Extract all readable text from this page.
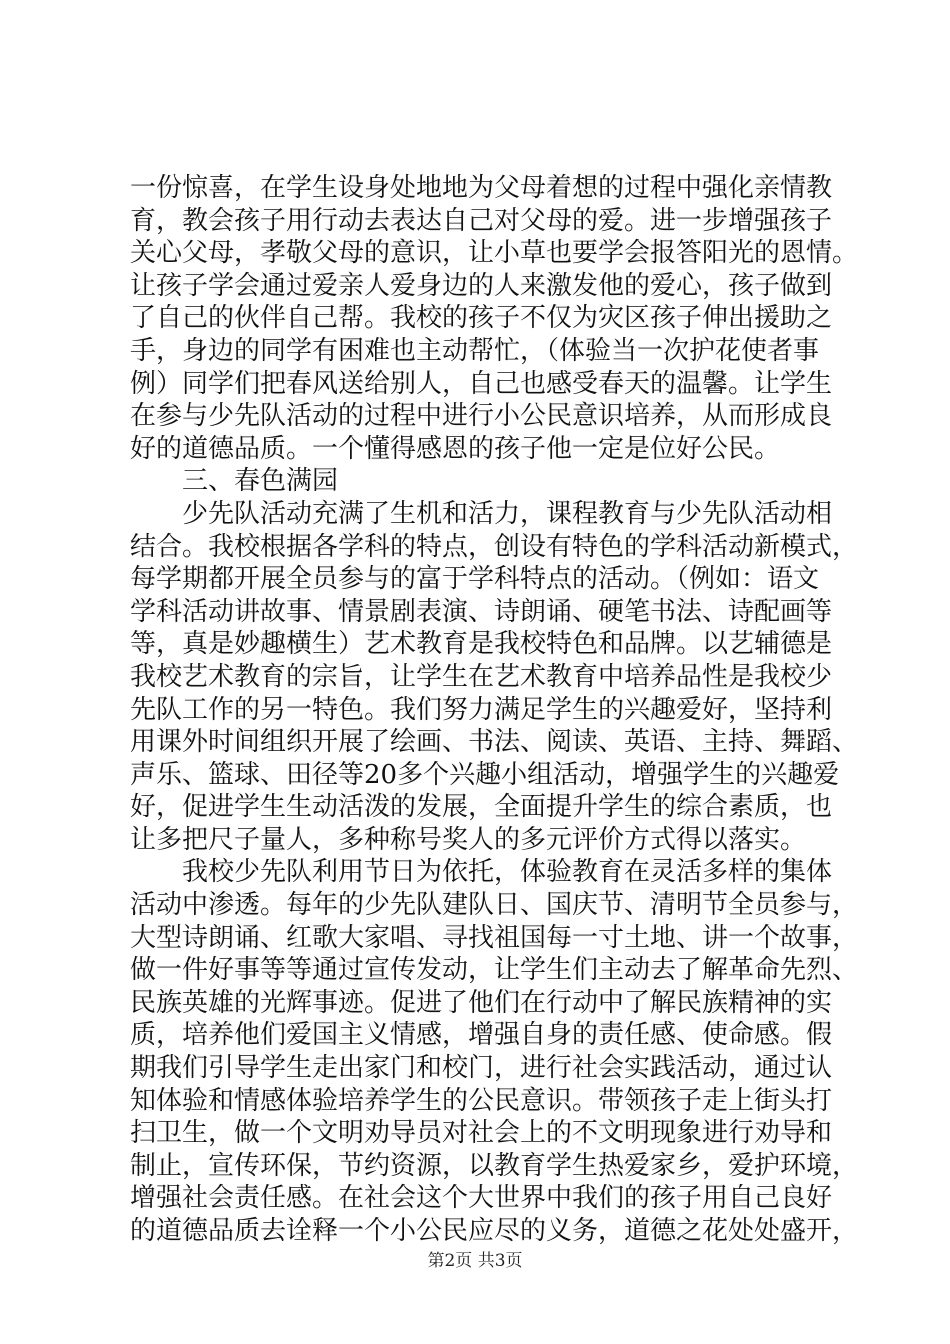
一份惊喜，在学生设身处地地为父母着想的过程中强化亲情教
育，教会孩子用行动去表达自己对父母的爱。进一步增强孩子
关心父母，孝敬父母的意识，让小草也要学会报答阳光的恩情。
让孩子学会通过爱亲人爱身边的人来激发他的爱心，孩子做到
了自己的伙伴自己帮。我校的孩子不仅为灾区孩子伸出援助之
手，身边的同学有困难也主动帮忙，（体验当一次护花使者事
例）同学们把春风送给别人，自己也感受春天的温馨。让学生
在参与少先队活动的过程中进行小公民意识培养，从而形成良
好的道德品质。一个懂得感恩的孩子他一定是位好公民。
三、春色满园
少先队活动充满了生机和活力，课程教育与少先队活动相
结合。我校根据各学科的特点，创设有特色的学科活动新模式，
每学期都开展全员参与的富于学科特点的活动。（例如：语文
学科活动讲故事、情景剧表演、诗朗诵、硬笔书法、诗配画等
等，真是妙趣横生）艺术教育是我校特色和品牌。以艺辅德是
我校艺术教育的宗旨，让学生在艺术教育中培养品性是我校少
先队工作的另一特色。我们努力满足学生的兴趣爱好，坚持利
用课外时间组织开展了绘画、书法、阅读、英语、主持、舞蹈、
声乐、篮球、田径等20多个兴趣小组活动，增强学生的兴趣爱
好，促进学生生动活泼的发展，全面提升学生的综合素质，也
让多把尺子量人，多种称号奖人的多元评价方式得以落实。
我校少先队利用节日为依托，体验教育在灵活多样的集体
活动中渗透。每年的少先队建队日、国庆节、清明节全员参与，
大型诗朗诵、红歌大家唱、寻找祖国每一寸土地、讲一个故事，
做一件好事等等通过宣传发动，让学生们主动去了解革命先烈、
民族英雄的光辉事迹。促进了他们在行动中了解民族精神的实
质，培养他们爱国主义情感，增强自身的责任感、使命感。假
期我们引导学生走出家门和校门，进行社会实践活动，通过认
知体验和情感体验培养学生的公民意识。带领孩子走上街头打
扫卫生，做一个文明劝导员对社会上的不文明现象进行劝导和
制止，宣传环保，节约资源，以教育学生热爱家乡，爱护环境，
增强社会责任感。在社会这个大世界中我们的孩子用自己良好
的道德品质去诠释一个小公民应尽的义务，道德之花处处盛开，
第2页 共3页
